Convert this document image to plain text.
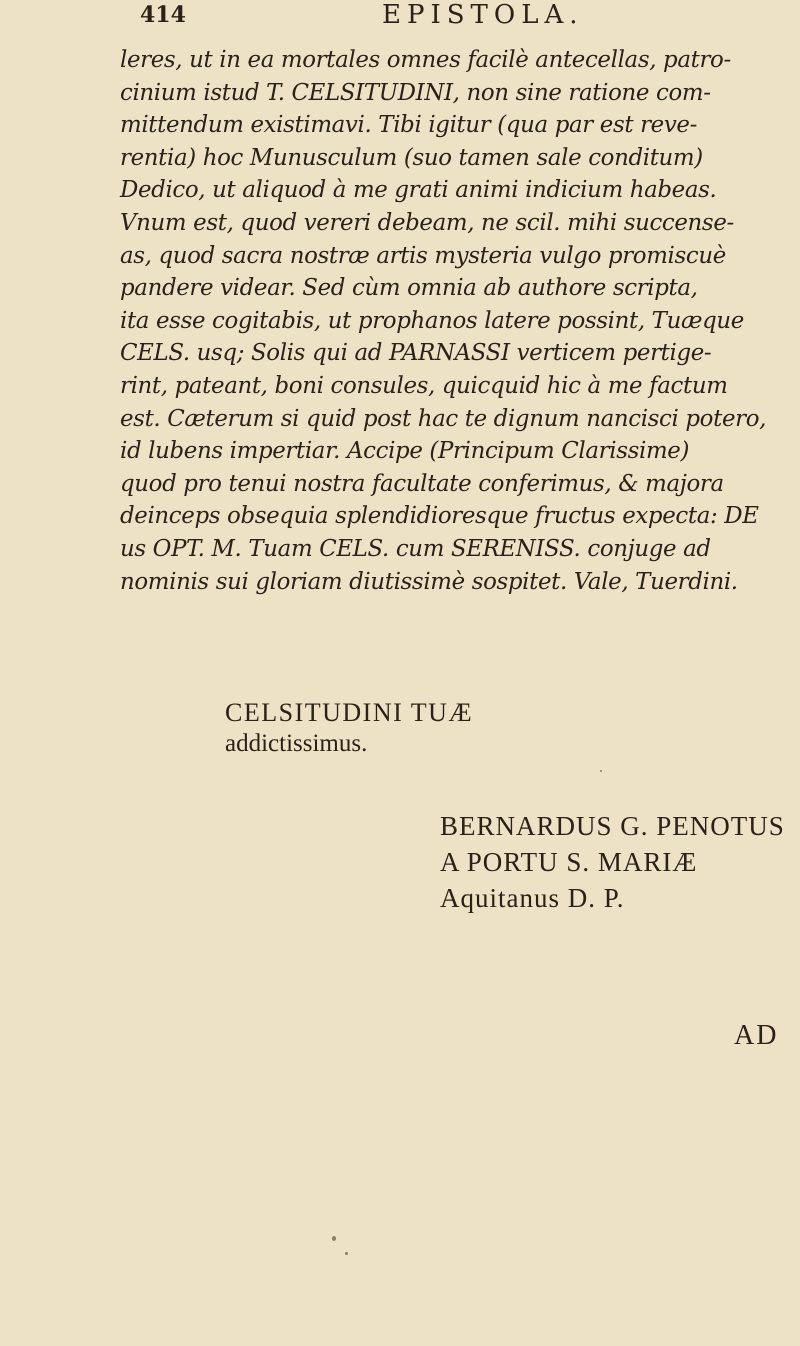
414	EPISTOLA.
leres, ut in ea mortales omnes facilè antecellas, patro-
cinium istud T. CELSITUDINI, non sine ratione com-
mittendum existimavi. Tibi igitur (qua par est reve-
rentia) hoc Munusculum (suo tamen sale conditum)
Dedico, ut aliquod à me grati animi indicium habeas.
Vnum est, quod vereri debeam, ne scil. mihi succense-
as, quod sacra nostræ artis mysteria vulgo promiscuè
pandere videar. Sed cùm omnia ab authore scripta,
ita esse cogitabis, ut prophanos latere possint, Tuæque
CELS. usq; Solis qui ad PARNASSI verticem pertige-
rint, pateant, boni consules, quicquid hic à me factum
est. Cæterum si quid post hac te dignum nancisci potero,
id lubens impertiar. Accipe (Principum Clarissime)
quod pro tenui nostra facultate conferimus, & majora
deinceps obsequia splendidioresque fructus expecta: DE
us OPT. M. Tuam CELS. cum SERENISS. conjuge ad
nominis sui gloriam diutissimè sospitet. Vale, Tuerdini.
CELSITUDINI TUÆ
addictissimus.
BERNARDUS G. PENOTUS
A PORTU S. MARIÆ
Aquitanus D. P.
AD
